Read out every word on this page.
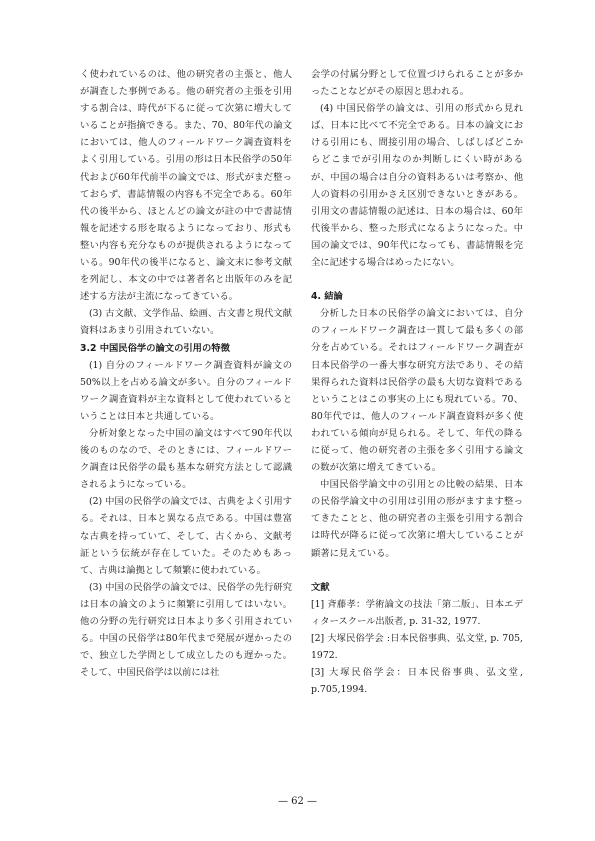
く使われているのは、他の研究者の主張と、他人が調査した事例である。他の研究者の主張を引用する割合は、時代が下るに従って次第に増大していることが指摘できる。また、70、80年代の論文においては、他人のフィールドワーク調査資料をよく引用している。引用の形は日本民俗学の50年代および60年代前半の論文では、形式がまだ整っておらず、書誌情報の内容も不完全である。60年代の後半から、ほとんどの論文が註の中で書誌情報を記述する形を取るようになっており、形式も整い内容も充分なものが提供されるようになっている。90年代の後半になると、論文末に参考文献を列記し、本文の中では著者名と出版年のみを記述する方法が主流になってきている。

(3) 古文献、文学作品、絵画、古文書と現代文献資料はあまり引用されていない。

3.2 中国民俗学の論文の引用の特徴

(1) 自分のフィールドワーク調査資料が論文の50%以上を占める論文が多い。自分のフィールドワーク調査資料が主な資料として使われているということは日本と共通している。

分析対象となった中国の論文はすべて90年代以後のものなので、そのときには、フィールドワーク調査は民俗学の最も基本な研究方法として認識されるようになっている。

(2) 中国の民俗学の論文では、古典をよく引用する。それは、日本と異なる点である。中国は豊富な古典を持っていて、そして、古くから、文献考証という伝統が存在していた。そのためもあって、古典は論拠として頻繁に使われている。

(3) 中国の民俗学の論文では、民俗学の先行研究は日本の論文のように頻繁に引用してはいない。他の分野の先行研究は日本より多く引用されている。中国の民俗学は80年代まで発展が遅かったので、独立した学問として成立したのも遅かった。そして、中国民俗学は以前には社

会学の付属分野として位置づけられることが多かったことなどがその原因と思われる。

(4) 中国民俗学の論文は、引用の形式から見れば、日本に比べて不完全である。日本の論文における引用にも、間接引用の場合、しばしばどこからどこまでが引用なのか判断しにくい時があるが、中国の場合は自分の資料あるいは考察か、他人の資料の引用かさえ区別できないときがある。引用文の書誌情報の記述は、日本の場合は、60年代後半から、整った形式になるようになった。中国の論文では、90年代になっても、書誌情報を完全に記述する場合はめったにない。

4. 結論

分析した日本の民俗学の論文においては、自分のフィールドワーク調査は一貫して最も多くの部分を占めている。それはフィールドワーク調査が日本民俗学の一番大事な研究方法であり、その結果得られた資料は民俗学の最も大切な資料であるということはこの事実の上にも現れている。70、80年代では、他人のフィールド調査資料が多く使われている傾向が見られる。そして、年代の降るに従って、他の研究者の主張を多く引用する論文の数が次第に増えてきている。

中国民俗学論文中の引用との比較の結果、日本の民俗学論文中の引用は引用の形がますます整ってきたことと、他の研究者の主張を引用する割合は時代が降るに従って次第に増大していることが顕著に見えている。

文献

[1] 斉藤孝：学術論文の技法「第二版」、日本エディタースクール出版者, p. 31-32, 1977.

[2] 大塚民俗学会 :日本民俗事典、弘文堂, p. 705, 1972.

[3] 大塚民俗学会：日本民俗事典、弘文堂, p.705,1994.

— 62 —
